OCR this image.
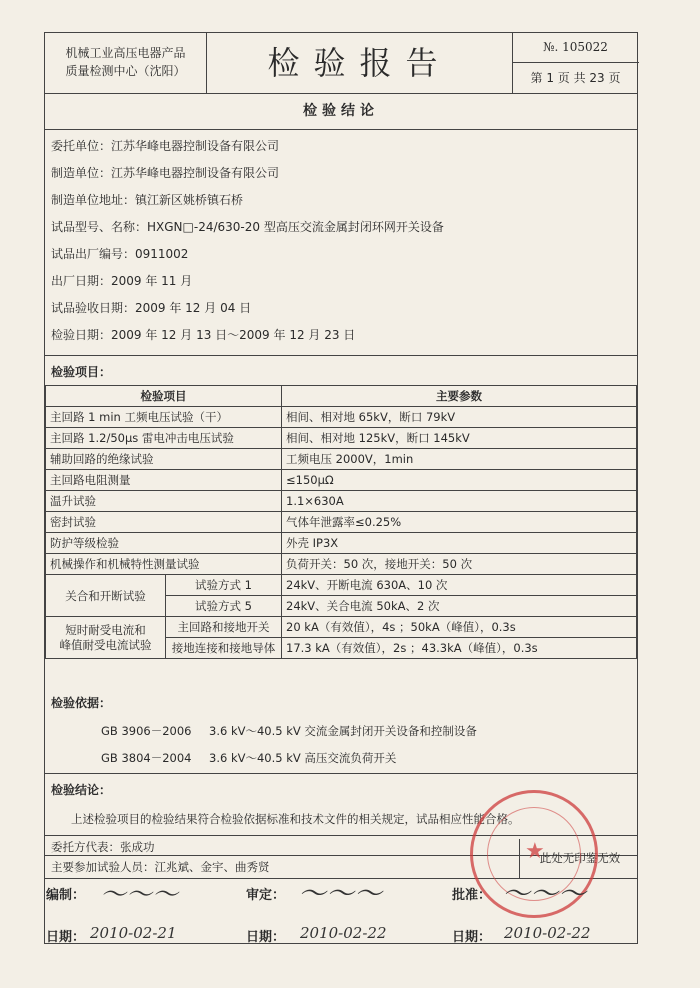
机械工业高压电器产品
质量检测中心（沈阳）	检验报告	№. 105022
第 1 页 共 23 页
检验结论
委托单位：江苏华峰电器控制设备有限公司
制造单位：江苏华峰电器控制设备有限公司
制造单位地址：镇江新区姚桥镇石桥
试品型号、名称：HXGN□-24/630-20 型高压交流金属封闭环网开关设备
试品出厂编号：0911002
出厂日期：2009 年 11 月
试品验收日期：2009 年 12 月 04 日
检验日期：2009 年 12 月 13 日～2009 年 12 月 23 日
检验项目：
检验项目		主要参数
主回路 1 min 工频电压试验（干）		相间、相对地 65kV，断口 79kV
主回路 1.2/50μs 雷电冲击电压试验		相间、相对地 125kV，断口 145kV
辅助回路的绝缘试验		工频电压 2000V，1min
主回路电阻测量		≤150μΩ
温升试验		1.1×630A
密封试验		气体年泄露率≤0.25%
防护等级检验		外壳 IP3X
机械操作和机械特性测量试验		负荷开关：50 次，接地开关：50 次
关合和开断试验	试验方式 1	24kV、开断电流 630A、10 次
	试验方式 5	24kV、关合电流 50kA、2 次

短时耐受电流和
峰值耐受电流试验	主回路和接地开关	20 kA（有效值），4s ；50kA（峰值），0.3s
	接地连接和接地导体	17.3 kA（有效值），2s ；43.3kA（峰值），0.3s
检验依据：
GB 3906－2006 3.6 kV～40.5 kV 交流金属封闭开关设备和控制设备
GB 3804－2004 3.6 kV～40.5 kV 高压交流负荷开关
检验结论：
上述检验项目的检验结果符合检验依据标准和技术文件的相关规定，试品相应性能合格。
委托方代表：张成功
主要参加试验人员：江兆斌、金宇、曲秀贤
此处无印鉴无效
★
编制： 〜〜〜	审定： 〜〜〜	批准： 〜〜〜
日期： 2010-02-21	日期： 2010-02-22	日期： 2010-02-22
